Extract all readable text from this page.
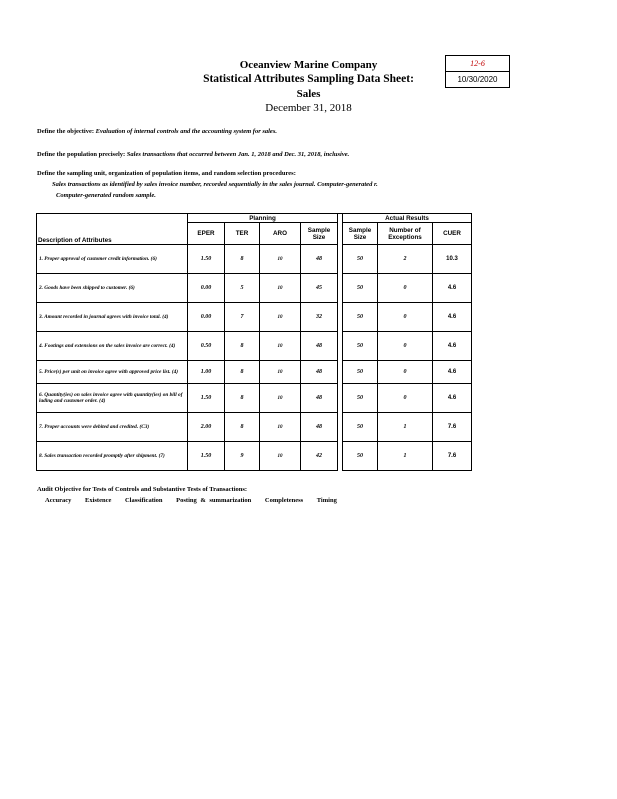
Oceanview Marine Company
Statistical Attributes Sampling Data Sheet:
Sales
December 31, 2018
12-6
10/30/2020
Define the objective: Evaluation of internal controls and the accounting system for sales.
Define the population precisely: Sales transactions that occurred between Jan. 1, 2018 and Dec. 31, 2018, inclusive.
Define the sampling unit, organization of population items, and random selection procedures:
Sales transactions as identified by sales invoice number, recorded sequentially in the sales journal. Computer-generated r.
Computer-generated random sample.
	Planning					Actual Results		
Description of Attributes	EPER	TER	ARO	Sample Size		Sample Size	Number of Exceptions	CUER
1. Proper approval of customer credit information. (6)	1.50	8	10	48		50	2	10.3
2. Goods have been shipped to customer. (6)	0.00	5	10	45		50	0	4.6
3. Amount recorded in journal agrees with invoice total. (4)	0.00	7	10	32		50	0	4.6
4. Footings and extensions on the sales invoice are correct. (4)	0.50	8	10	48		50	0	4.6
5. Price(s) per unit on invoice agree with approved price list. (4)	1.00	8	10	48		50	0	4.6
6. Quantity(ies) on sales invoice agree with quantity(ies) on bill of lading and customer order. (4)	1.50	8	10	48		50	0	4.6
7. Proper accounts were debited and credited. (C3)	2.00	8	10	48		50	1	7.6
8. Sales transaction recorded promptly after shipment. (7)	1.50	9	10	42		50	1	7.6
Audit Objective for Tests of Controls and Substantive Tests of Transactions:
Accuracy Existence Classification Posting & summarization Completeness Timing
